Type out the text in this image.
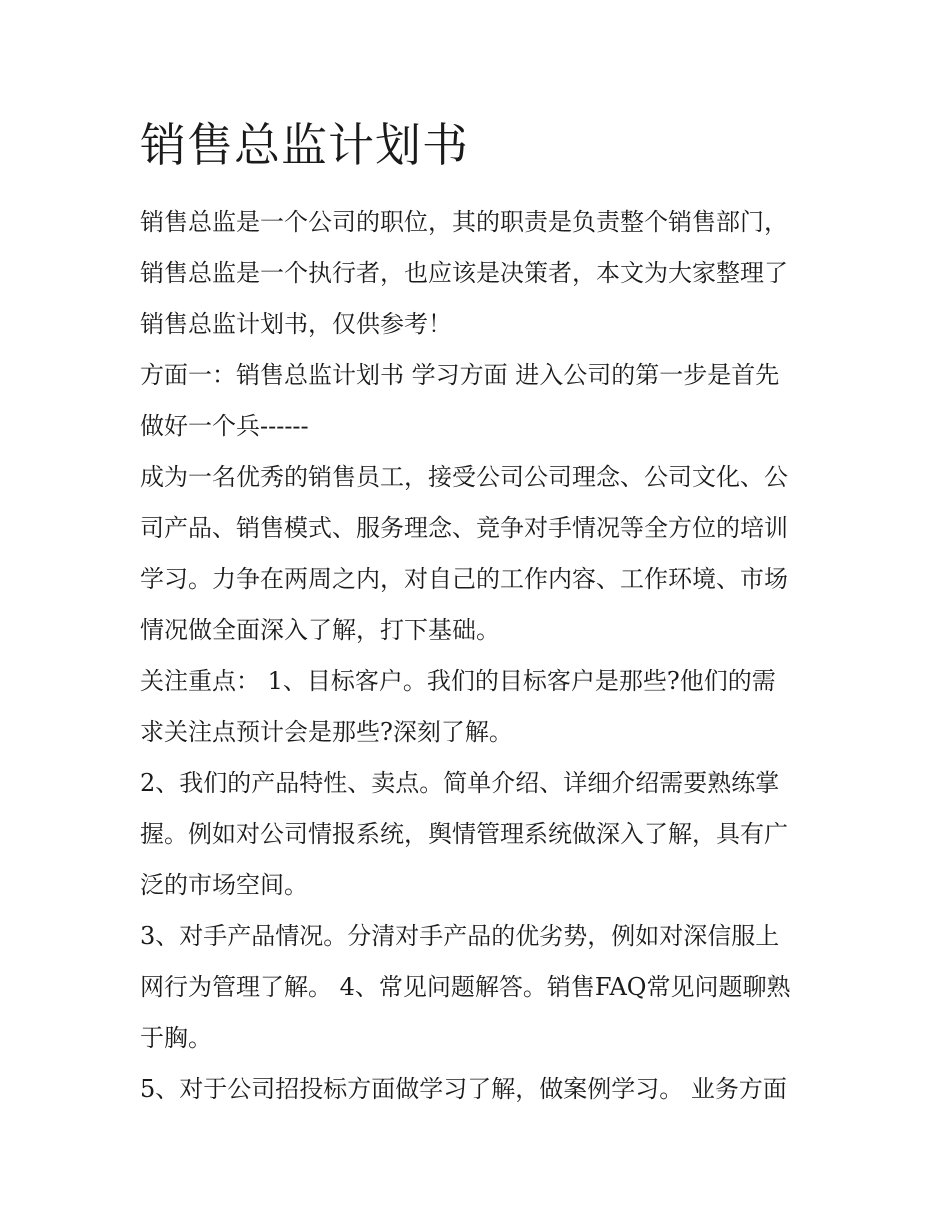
销售总监计划书
销售总监是一个公司的职位，其的职责是负责整个销售部门，
销售总监是一个执行者，也应该是决策者，本文为大家整理了
销售总监计划书，仅供参考！
方面一：销售总监计划书 学习方面 进入公司的第一步是首先
做好一个兵------
成为一名优秀的销售员工，接受公司公司理念、公司文化、公
司产品、销售模式、服务理念、竞争对手情况等全方位的培训
学习。力争在两周之内，对自己的工作内容、工作环境、市场
情况做全面深入了解，打下基础。
关注重点： 1、目标客户。我们的目标客户是那些?他们的需
求关注点预计会是那些?深刻了解。
2、我们的产品特性、卖点。简单介绍、详细介绍需要熟练掌
握。例如对公司情报系统，舆情管理系统做深入了解，具有广
泛的市场空间。
3、对手产品情况。分清对手产品的优劣势，例如对深信服上
网行为管理了解。 4、常见问题解答。销售FAQ常见问题聊熟
于胸。
5、对于公司招投标方面做学习了解，做案例学习。 业务方面
